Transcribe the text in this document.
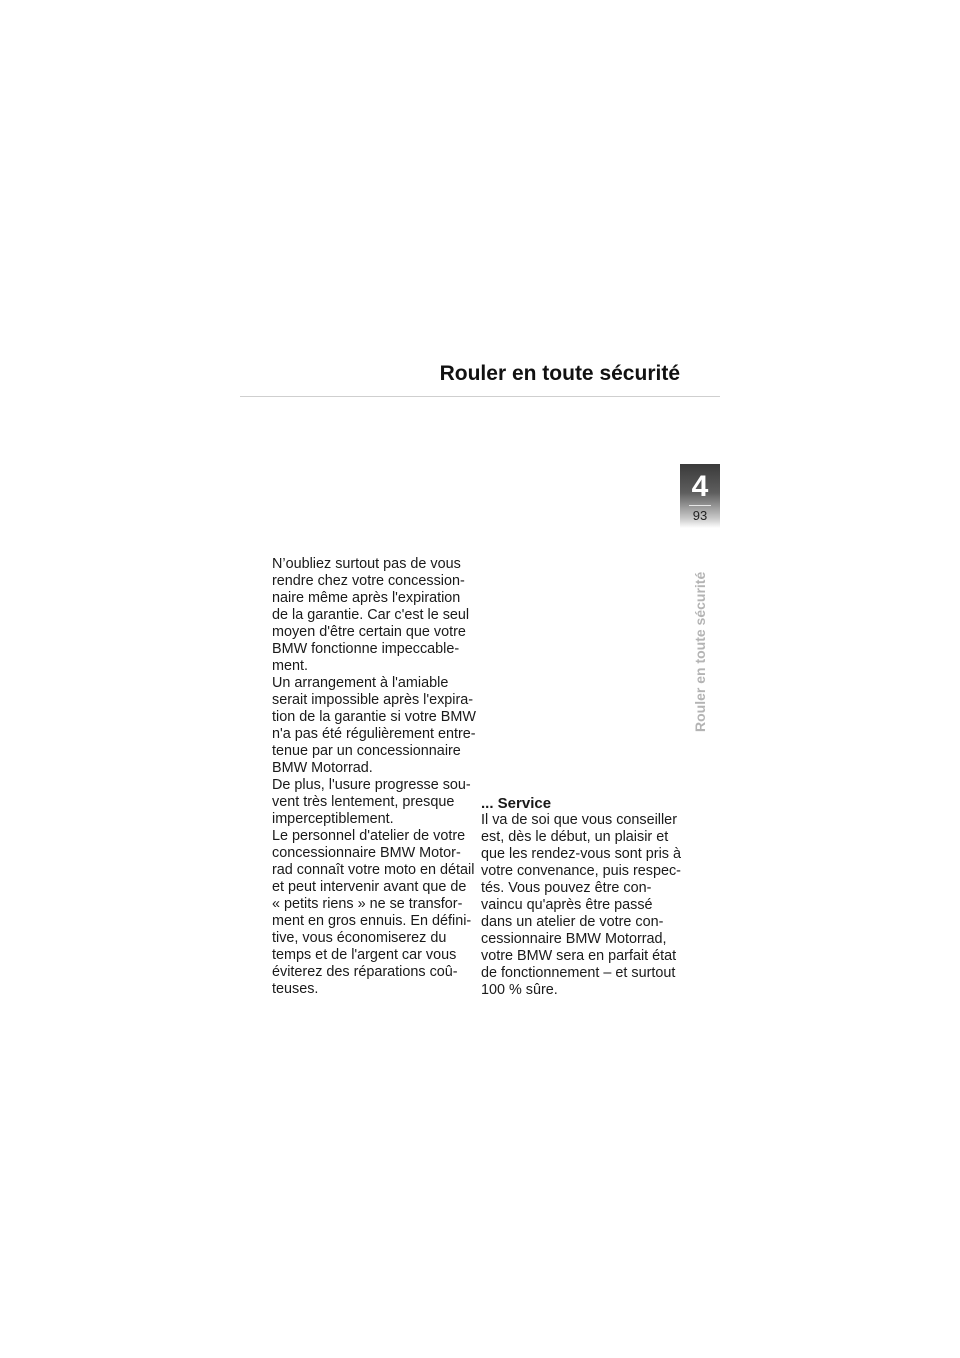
Rouler en toute sécurité
4
93
Rouler en toute sécurité
N’oubliez surtout pas de vous
rendre chez votre concession-
naire même après l'expiration
de la garantie. Car c'est le seul
moyen d'être certain que votre
BMW fonctionne impeccable-
ment.
Un arrangement à l'amiable
serait impossible après l'expira-
tion de la garantie si votre BMW
n'a pas été régulièrement entre-
tenue par un concessionnaire
BMW Motorrad.
De plus, l'usure progresse sou-
vent très lentement, presque
imperceptiblement.
Le personnel d'atelier de votre
concessionnaire BMW Motor-
rad connaît votre moto en détail
et peut intervenir avant que de
« petits riens » ne se transfor-
ment en gros ennuis. En défini-
tive, vous économiserez du
temps et de l'argent car vous
éviterez des réparations coû-
teuses.
... Service
Il va de soi que vous conseiller
est, dès le début, un plaisir et
que les rendez-vous sont pris à
votre convenance, puis respec-
tés. Vous pouvez être con-
vaincu qu'après être passé
dans un atelier de votre con-
cessionnaire BMW Motorrad,
votre BMW sera en parfait état
de fonctionnement – et surtout
100 % sûre.
